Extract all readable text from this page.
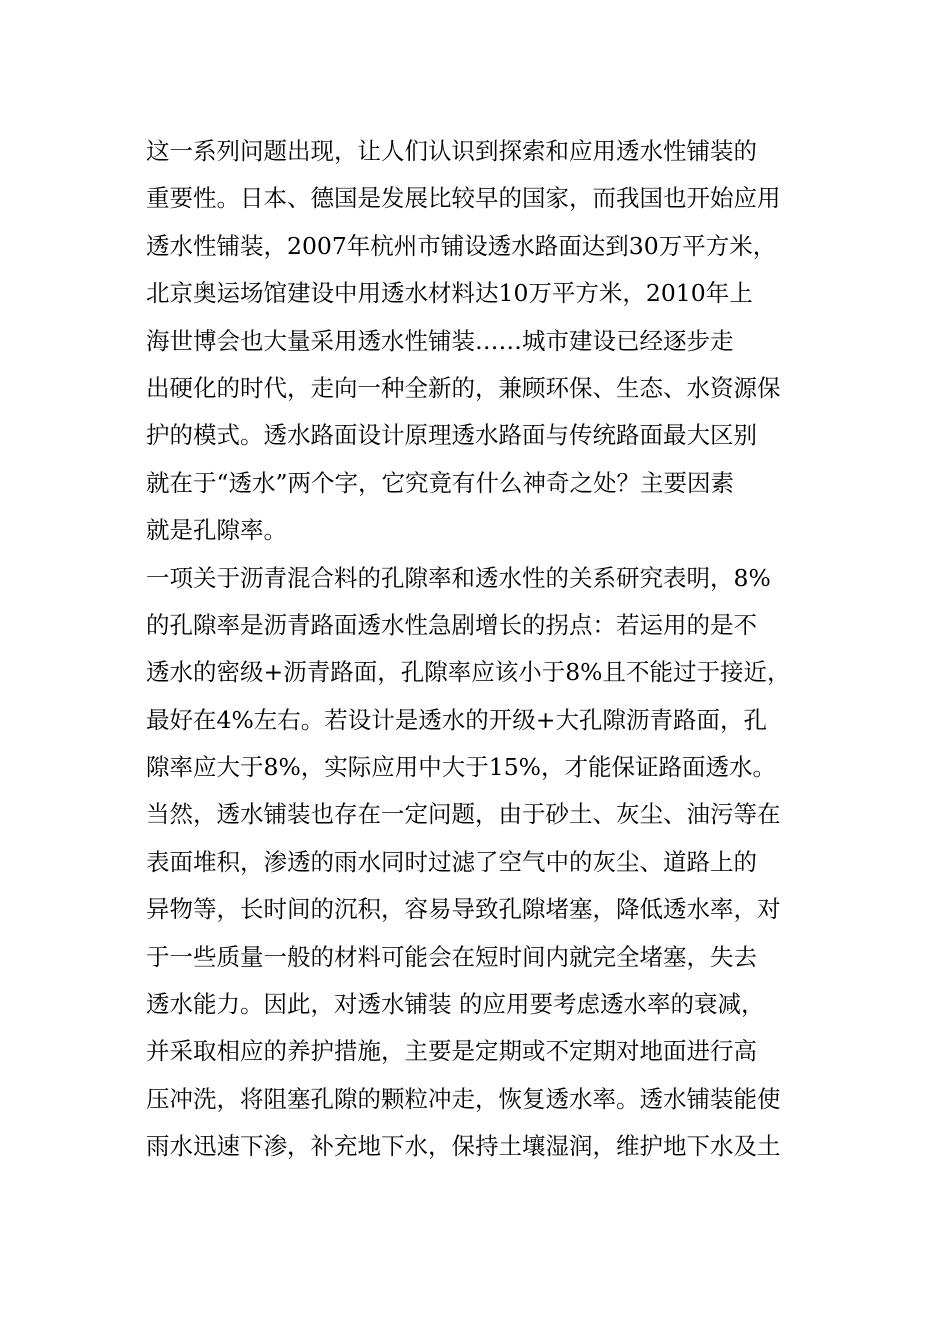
这一系列问题出现，让人们认识到探索和应用透水性铺装的
重要性。日本、德国是发展比较早的国家，而我国也开始应用
透水性铺装，2007年杭州市铺设透水路面达到30万平方米，
北京奥运场馆建设中用透水材料达10万平方米，2010年上
海世博会也大量采用透水性铺装……城市建设已经逐步走
出硬化的时代，走向一种全新的，兼顾环保、生态、水资源保
护的模式。透水路面设计原理透水路面与传统路面最大区别
就在于“透水”两个字，它究竟有什么神奇之处？主要因素
就是孔隙率。
一项关于沥青混合料的孔隙率和透水性的关系研究表明，8%
的孔隙率是沥青路面透水性急剧增长的拐点：若运用的是不
透水的密级+沥青路面，孔隙率应该小于8%且不能过于接近，
最好在4%左右。若设计是透水的开级+大孔隙沥青路面，孔
隙率应大于8%，实际应用中大于15%，才能保证路面透水。
当然，透水铺装也存在一定问题，由于砂土、灰尘、油污等在
表面堆积，渗透的雨水同时过滤了空气中的灰尘、道路上的
异物等，长时间的沉积，容易导致孔隙堵塞，降低透水率，对
于一些质量一般的材料可能会在短时间内就完全堵塞，失去
透水能力。因此，对透水铺装 的应用要考虑透水率的衰减，
并采取相应的养护措施，主要是定期或不定期对地面进行高
压冲洗，将阻塞孔隙的颗粒冲走，恢复透水率。透水铺装能使
雨水迅速下渗，补充地下水，保持土壤湿润，维护地下水及土
